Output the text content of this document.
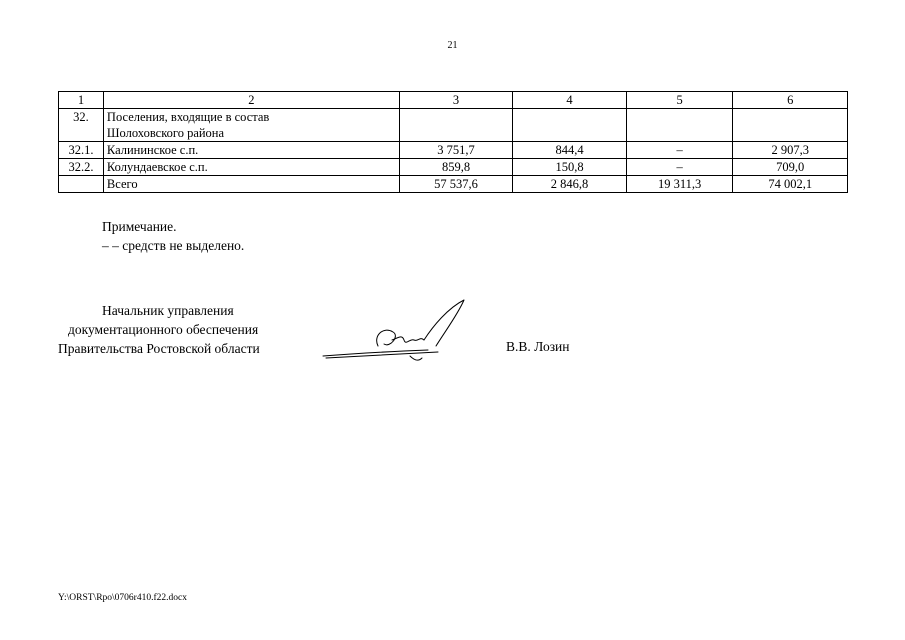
21
1	2	3	4	5	6
32.	Поселения, входящие в состав
Шолоховского района				
32.1.	Калининское с.п.	3 751,7	844,4	–	2 907,3
32.2.	Колундаевское с.п.	859,8	150,8	–	709,0
	Всего	57 537,6	2 846,8	19 311,3	74 002,1
Примечание.
– – средств не выделено.
Начальник управления
документационного обеспечения
Правительства Ростовской области	В.В. Лозин
Y:\ORST\Rpo\0706r410.f22.docx
